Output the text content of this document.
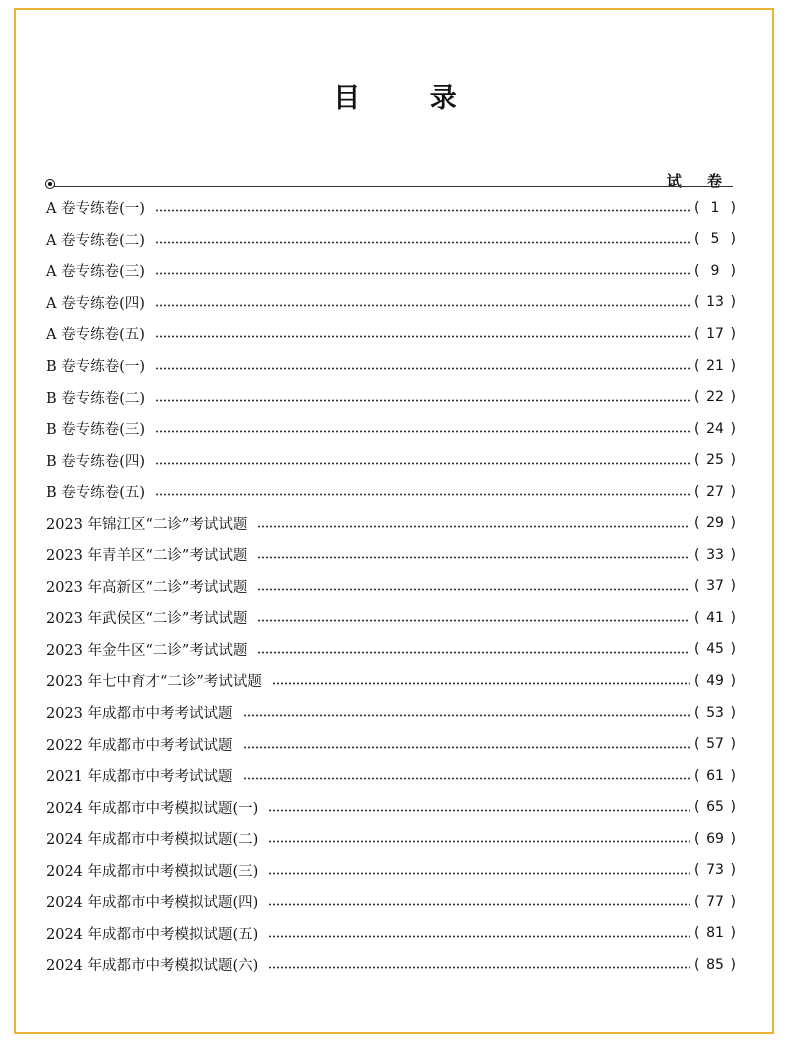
目 录
试 卷
A 卷专练卷(一)	( 1 )
A 卷专练卷(二)	( 5 )
A 卷专练卷(三)	( 9 )
A 卷专练卷(四)	( 13 )
A 卷专练卷(五)	( 17 )
B 卷专练卷(一)	( 21 )
B 卷专练卷(二)	( 22 )
B 卷专练卷(三)	( 24 )
B 卷专练卷(四)	( 25 )
B 卷专练卷(五)	( 27 )
2023 年锦江区“二诊”考试试题	( 29 )
2023 年青羊区“二诊”考试试题	( 33 )
2023 年高新区“二诊”考试试题	( 37 )
2023 年武侯区“二诊”考试试题	( 41 )
2023 年金牛区“二诊”考试试题	( 45 )
2023 年七中育才“二诊”考试试题	( 49 )
2023 年成都市中考考试试题	( 53 )
2022 年成都市中考考试试题	( 57 )
2021 年成都市中考考试试题	( 61 )
2024 年成都市中考模拟试题(一)	( 65 )
2024 年成都市中考模拟试题(二)	( 69 )
2024 年成都市中考模拟试题(三)	( 73 )
2024 年成都市中考模拟试题(四)	( 77 )
2024 年成都市中考模拟试题(五)	( 81 )
2024 年成都市中考模拟试题(六)	( 85 )
